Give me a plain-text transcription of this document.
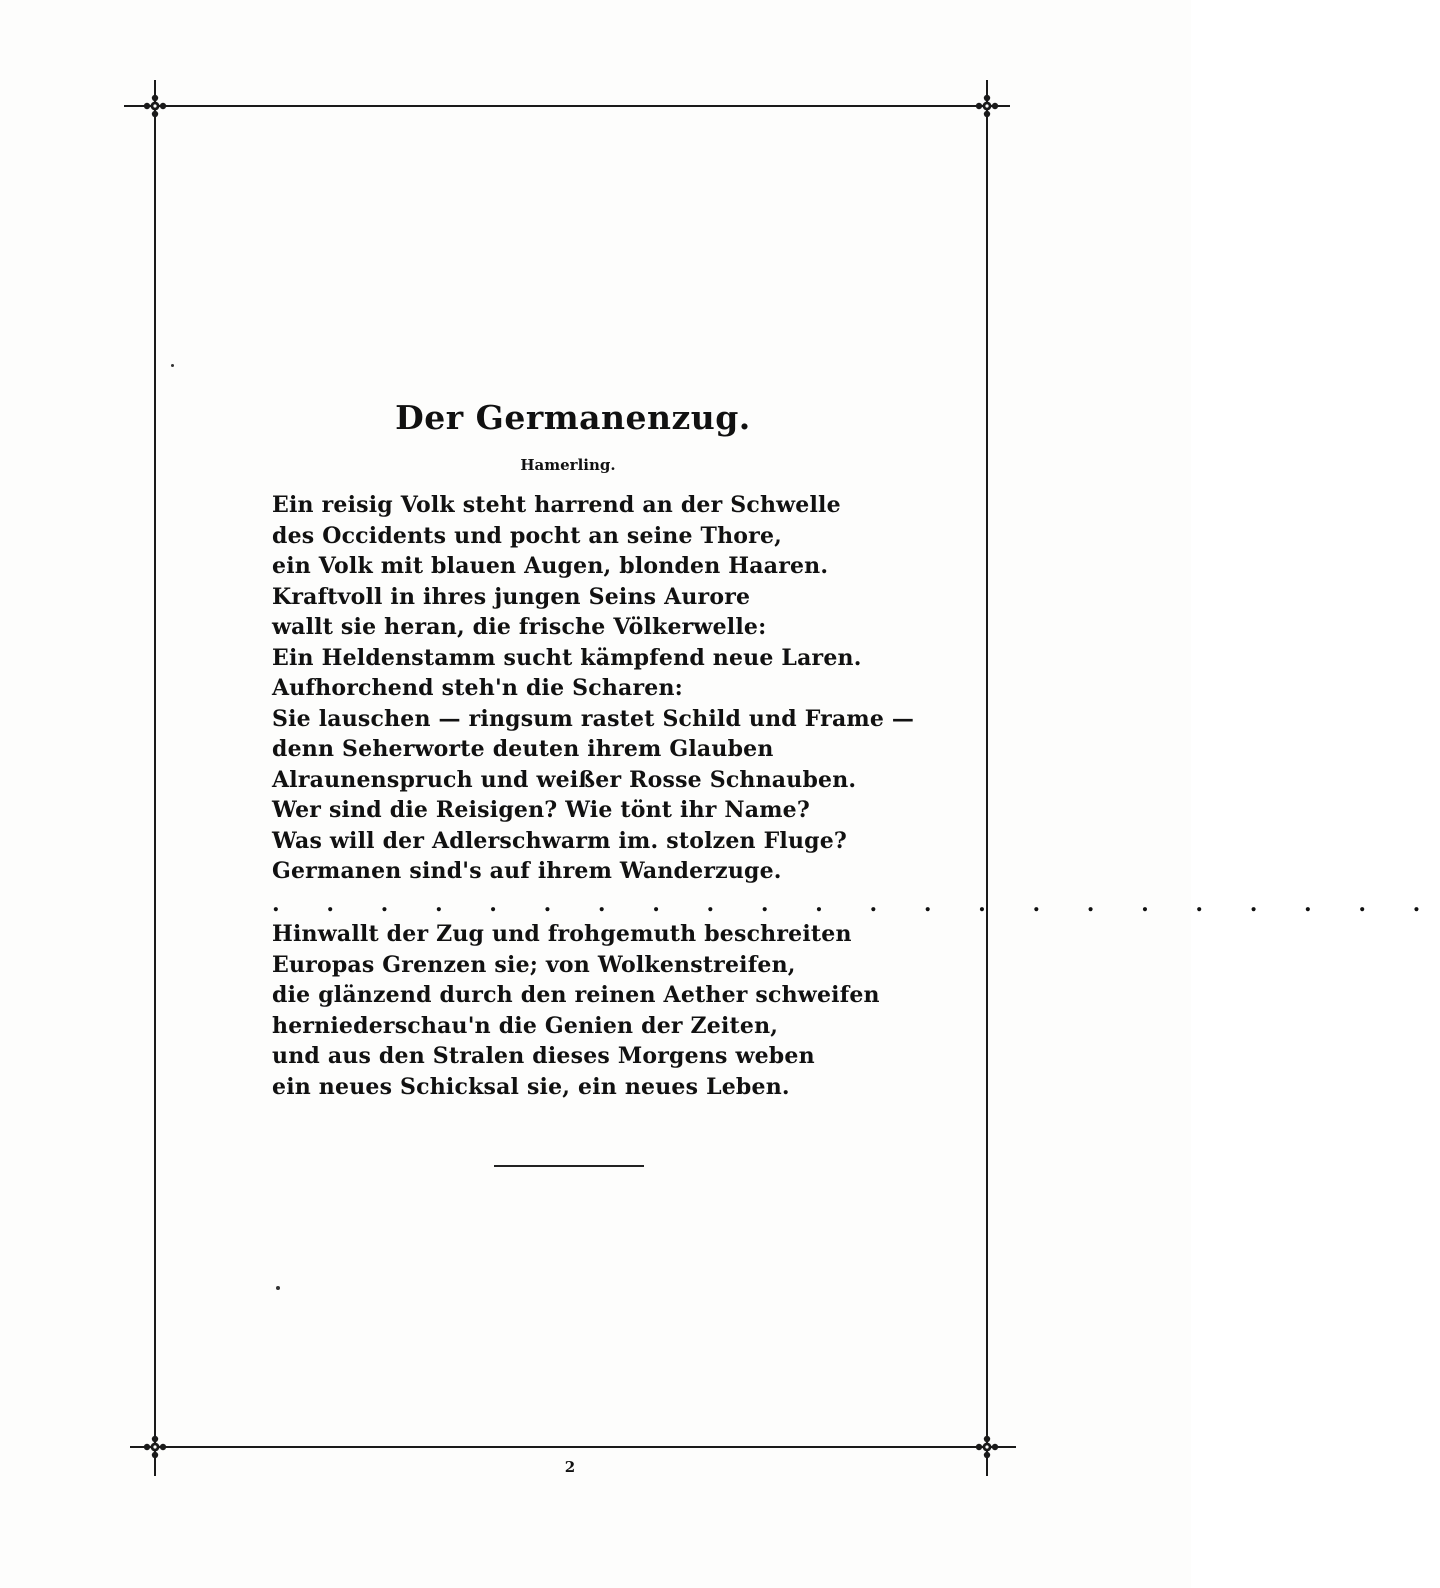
Der Germanenzug.
Hamerling.
Ein reisig Volk steht harrend an der Schwelle
des Occidents und pocht an seine Thore,
ein Volk mit blauen Augen, blonden Haaren.
Kraftvoll in ihres jungen Seins Aurore
wallt sie heran, die frische Völkerwelle:
Ein Heldenstamm sucht kämpfend neue Laren.
Aufhorchend steh'n die Scharen:
Sie lauschen — ringsum rastet Schild und Frame —
denn Seherworte deuten ihrem Glauben
Alraunenspruch und weißer Rosse Schnauben.
Wer sind die Reisigen? Wie tönt ihr Name?
Was will der Adlerschwarm im. stolzen Fluge?
Germanen sind's auf ihrem Wanderzuge.
. . . . . . . . . . . . . . . . . . . . . .
Hinwallt der Zug und frohgemuth beschreiten
Europas Grenzen sie; von Wolkenstreifen,
die glänzend durch den reinen Aether schweifen
herniederschau'n die Genien der Zeiten,
und aus den Stralen dieses Morgens weben
ein neues Schicksal sie, ein neues Leben.
2
